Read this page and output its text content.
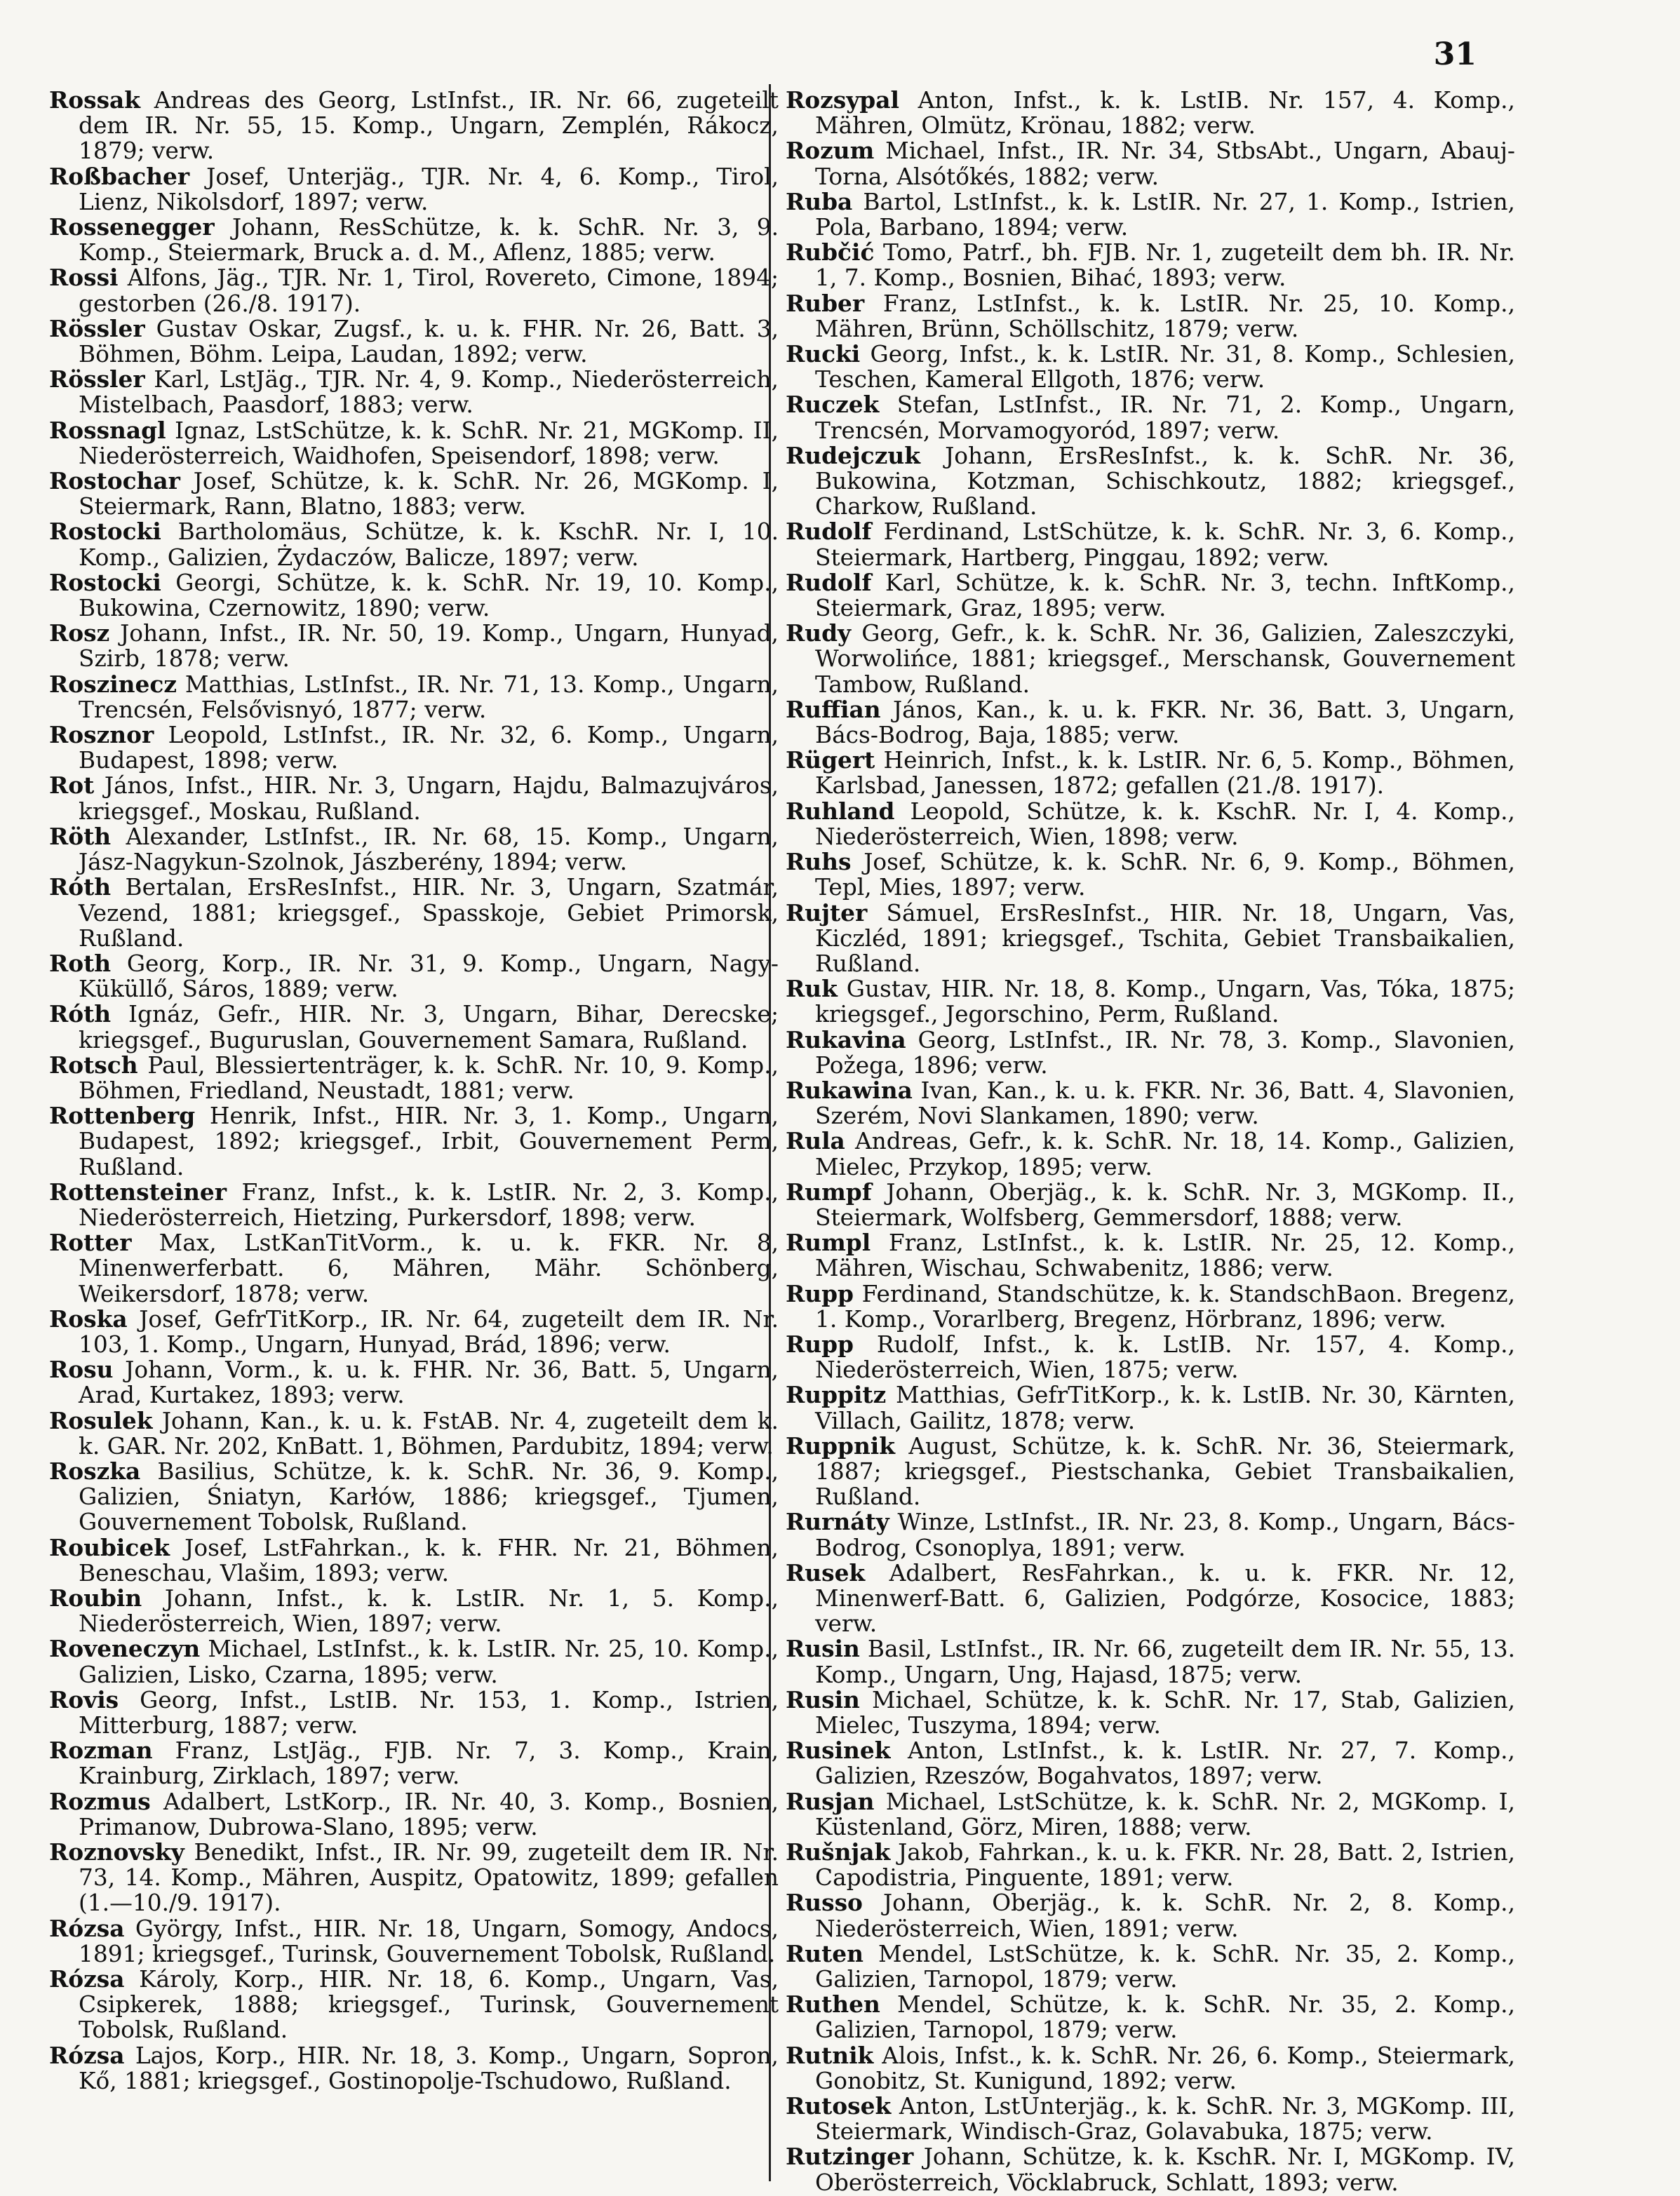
31
Rossak Andreas des Georg, LstInfst., IR. Nr. 66, zugeteilt dem IR. Nr. 55, 15. Komp., Ungarn, Zemplén, Rákocz, 1879; verw.
Roßbacher Josef, Unterjäg., TJR. Nr. 4, 6. Komp., Tirol, Lienz, Nikolsdorf, 1897; verw.
Rossenegger Johann, ResSchütze, k. k. SchR. Nr. 3, 9. Komp., Steiermark, Bruck a. d. M., Aflenz, 1885; verw.
Rossi Alfons, Jäg., TJR. Nr. 1, Tirol, Rovereto, Cimone, 1894; gestorben (26./8. 1917).
Rössler Gustav Oskar, Zugsf., k. u. k. FHR. Nr. 26, Batt. 3, Böhmen, Böhm. Leipa, Laudan, 1892; verw.
Rössler Karl, LstJäg., TJR. Nr. 4, 9. Komp., Niederösterreich, Mistelbach, Paasdorf, 1883; verw.
Rossnagl Ignaz, LstSchütze, k. k. SchR. Nr. 21, MGKomp. II, Niederösterreich, Waidhofen, Speisendorf, 1898; verw.
Rostochar Josef, Schütze, k. k. SchR. Nr. 26, MGKomp. I, Steiermark, Rann, Blatno, 1883; verw.
Rostocki Bartholomäus, Schütze, k. k. KschR. Nr. I, 10. Komp., Galizien, Żydaczów, Balicze, 1897; verw.
Rostocki Georgi, Schütze, k. k. SchR. Nr. 19, 10. Komp., Bukowina, Czernowitz, 1890; verw.
Rosz Johann, Infst., IR. Nr. 50, 19. Komp., Ungarn, Hunyad, Szirb, 1878; verw.
Roszinecz Matthias, LstInfst., IR. Nr. 71, 13. Komp., Ungarn, Trencsén, Felsővisnyó, 1877; verw.
Rosznor Leopold, LstInfst., IR. Nr. 32, 6. Komp., Ungarn, Budapest, 1898; verw.
Rot János, Infst., HIR. Nr. 3, Ungarn, Hajdu, Balmazujváros, kriegsgef., Moskau, Rußland.
Röth Alexander, LstInfst., IR. Nr. 68, 15. Komp., Ungarn, Jász-Nagykun-Szolnok, Jászberény, 1894; verw.
Róth Bertalan, ErsResInfst., HIR. Nr. 3, Ungarn, Szatmár, Vezend, 1881; kriegsgef., Spasskoje, Gebiet Primorsk, Rußland.
Roth Georg, Korp., IR. Nr. 31, 9. Komp., Ungarn, Nagy-Küküllő, Sáros, 1889; verw.
Róth Ignáz, Gefr., HIR. Nr. 3, Ungarn, Bihar, Derecske; kriegsgef., Buguruslan, Gouvernement Samara, Rußland.
Rotsch Paul, Blessiertenträger, k. k. SchR. Nr. 10, 9. Komp., Böhmen, Friedland, Neustadt, 1881; verw.
Rottenberg Henrik, Infst., HIR. Nr. 3, 1. Komp., Ungarn, Budapest, 1892; kriegsgef., Irbit, Gouvernement Perm, Rußland.
Rottensteiner Franz, Infst., k. k. LstIR. Nr. 2, 3. Komp., Niederösterreich, Hietzing, Purkersdorf, 1898; verw.
Rotter Max, LstKanTitVorm., k. u. k. FKR. Nr. 8, Minenwerferbatt. 6, Mähren, Mähr. Schönberg, Weikersdorf, 1878; verw.
Roska Josef, GefrTitKorp., IR. Nr. 64, zugeteilt dem IR. Nr. 103, 1. Komp., Ungarn, Hunyad, Brád, 1896; verw.
Rosu Johann, Vorm., k. u. k. FHR. Nr. 36, Batt. 5, Ungarn, Arad, Kurtakez, 1893; verw.
Rosulek Johann, Kan., k. u. k. FstAB. Nr. 4, zugeteilt dem k. k. GAR. Nr. 202, KnBatt. 1, Böhmen, Pardubitz, 1894; verw.
Roszka Basilius, Schütze, k. k. SchR. Nr. 36, 9. Komp., Galizien, Śniatyn, Karłów, 1886; kriegsgef., Tjumen, Gouvernement Tobolsk, Rußland.
Roubicek Josef, LstFahrkan., k. k. FHR. Nr. 21, Böhmen, Beneschau, Vlašim, 1893; verw.
Roubin Johann, Infst., k. k. LstIR. Nr. 1, 5. Komp., Niederösterreich, Wien, 1897; verw.
Roveneczyn Michael, LstInfst., k. k. LstIR. Nr. 25, 10. Komp., Galizien, Lisko, Czarna, 1895; verw.
Rovis Georg, Infst., LstIB. Nr. 153, 1. Komp., Istrien, Mitterburg, 1887; verw.
Rozman Franz, LstJäg., FJB. Nr. 7, 3. Komp., Krain, Krainburg, Zirklach, 1897; verw.
Rozmus Adalbert, LstKorp., IR. Nr. 40, 3. Komp., Bosnien, Primanow, Dubrowa-Slano, 1895; verw.
Roznovsky Benedikt, Infst., IR. Nr. 99, zugeteilt dem IR. Nr. 73, 14. Komp., Mähren, Auspitz, Opatowitz, 1899; gefallen (1.—10./9. 1917).
Rózsa György, Infst., HIR. Nr. 18, Ungarn, Somogy, Andocs, 1891; kriegsgef., Turinsk, Gouvernement Tobolsk, Rußland.
Rózsa Károly, Korp., HIR. Nr. 18, 6. Komp., Ungarn, Vas, Csipkerek, 1888; kriegsgef., Turinsk, Gouvernement Tobolsk, Rußland.
Rózsa Lajos, Korp., HIR. Nr. 18, 3. Komp., Ungarn, Sopron, Kő, 1881; kriegsgef., Gostinopolje-Tschudowo, Rußland.
Rozsypal Anton, Infst., k. k. LstIB. Nr. 157, 4. Komp., Mähren, Olmütz, Krönau, 1882; verw.
Rozum Michael, Infst., IR. Nr. 34, StbsAbt., Ungarn, Abauj-Torna, Alsótőkés, 1882; verw.
Ruba Bartol, LstInfst., k. k. LstIR. Nr. 27, 1. Komp., Istrien, Pola, Barbano, 1894; verw.
Rubčić Tomo, Patrf., bh. FJB. Nr. 1, zugeteilt dem bh. IR. Nr. 1, 7. Komp., Bosnien, Bihać, 1893; verw.
Ruber Franz, LstInfst., k. k. LstIR. Nr. 25, 10. Komp., Mähren, Brünn, Schöllschitz, 1879; verw.
Rucki Georg, Infst., k. k. LstIR. Nr. 31, 8. Komp., Schlesien, Teschen, Kameral Ellgoth, 1876; verw.
Ruczek Stefan, LstInfst., IR. Nr. 71, 2. Komp., Ungarn, Trencsén, Morvamogyoród, 1897; verw.
Rudejczuk Johann, ErsResInfst., k. k. SchR. Nr. 36, Bukowina, Kotzman, Schischkoutz, 1882; kriegsgef., Charkow, Rußland.
Rudolf Ferdinand, LstSchütze, k. k. SchR. Nr. 3, 6. Komp., Steiermark, Hartberg, Pinggau, 1892; verw.
Rudolf Karl, Schütze, k. k. SchR. Nr. 3, techn. InftKomp., Steiermark, Graz, 1895; verw.
Rudy Georg, Gefr., k. k. SchR. Nr. 36, Galizien, Zaleszczyki, Worwolińce, 1881; kriegsgef., Merschansk, Gouvernement Tambow, Rußland.
Ruffian János, Kan., k. u. k. FKR. Nr. 36, Batt. 3, Ungarn, Bács-Bodrog, Baja, 1885; verw.
Rügert Heinrich, Infst., k. k. LstIR. Nr. 6, 5. Komp., Böhmen, Karlsbad, Janessen, 1872; gefallen (21./8. 1917).
Ruhland Leopold, Schütze, k. k. KschR. Nr. I, 4. Komp., Niederösterreich, Wien, 1898; verw.
Ruhs Josef, Schütze, k. k. SchR. Nr. 6, 9. Komp., Böhmen, Tepl, Mies, 1897; verw.
Rujter Sámuel, ErsResInfst., HIR. Nr. 18, Ungarn, Vas, Kiczléd, 1891; kriegsgef., Tschita, Gebiet Transbaikalien, Rußland.
Ruk Gustav, HIR. Nr. 18, 8. Komp., Ungarn, Vas, Tóka, 1875; kriegsgef., Jegorschino, Perm, Rußland.
Rukavina Georg, LstInfst., IR. Nr. 78, 3. Komp., Slavonien, Požega, 1896; verw.
Rukawina Ivan, Kan., k. u. k. FKR. Nr. 36, Batt. 4, Slavonien, Szerém, Novi Slankamen, 1890; verw.
Rula Andreas, Gefr., k. k. SchR. Nr. 18, 14. Komp., Galizien, Mielec, Przykop, 1895; verw.
Rumpf Johann, Oberjäg., k. k. SchR. Nr. 3, MGKomp. II., Steiermark, Wolfsberg, Gemmersdorf, 1888; verw.
Rumpl Franz, LstInfst., k. k. LstIR. Nr. 25, 12. Komp., Mähren, Wischau, Schwabenitz, 1886; verw.
Rupp Ferdinand, Standschütze, k. k. StandschBaon. Bregenz, 1. Komp., Vorarlberg, Bregenz, Hörbranz, 1896; verw.
Rupp Rudolf, Infst., k. k. LstIB. Nr. 157, 4. Komp., Niederösterreich, Wien, 1875; verw.
Ruppitz Matthias, GefrTitKorp., k. k. LstIB. Nr. 30, Kärnten, Villach, Gailitz, 1878; verw.
Ruppnik August, Schütze, k. k. SchR. Nr. 36, Steiermark, 1887; kriegsgef., Piestschanka, Gebiet Transbaikalien, Rußland.
Rurnáty Winze, LstInfst., IR. Nr. 23, 8. Komp., Ungarn, Bács-Bodrog, Csonoplya, 1891; verw.
Rusek Adalbert, ResFahrkan., k. u. k. FKR. Nr. 12, Minenwerf-Batt. 6, Galizien, Podgórze, Kosocice, 1883; verw.
Rusin Basil, LstInfst., IR. Nr. 66, zugeteilt dem IR. Nr. 55, 13. Komp., Ungarn, Ung, Hajasd, 1875; verw.
Rusin Michael, Schütze, k. k. SchR. Nr. 17, Stab, Galizien, Mielec, Tuszyma, 1894; verw.
Rusinek Anton, LstInfst., k. k. LstIR. Nr. 27, 7. Komp., Galizien, Rzeszów, Bogahvatos, 1897; verw.
Rusjan Michael, LstSchütze, k. k. SchR. Nr. 2, MGKomp. I, Küstenland, Görz, Miren, 1888; verw.
Rušnjak Jakob, Fahrkan., k. u. k. FKR. Nr. 28, Batt. 2, Istrien, Capodistria, Pinguente, 1891; verw.
Russo Johann, Oberjäg., k. k. SchR. Nr. 2, 8. Komp., Niederösterreich, Wien, 1891; verw.
Ruten Mendel, LstSchütze, k. k. SchR. Nr. 35, 2. Komp., Galizien, Tarnopol, 1879; verw.
Ruthen Mendel, Schütze, k. k. SchR. Nr. 35, 2. Komp., Galizien, Tarnopol, 1879; verw.
Rutnik Alois, Infst., k. k. SchR. Nr. 26, 6. Komp., Steiermark, Gonobitz, St. Kunigund, 1892; verw.
Rutosek Anton, LstUnterjäg., k. k. SchR. Nr. 3, MGKomp. III, Steiermark, Windisch-Graz, Golavabuka, 1875; verw.
Rutzinger Johann, Schütze, k. k. KschR. Nr. I, MGKomp. IV, Oberösterreich, Vöcklabruck, Schlatt, 1893; verw.
